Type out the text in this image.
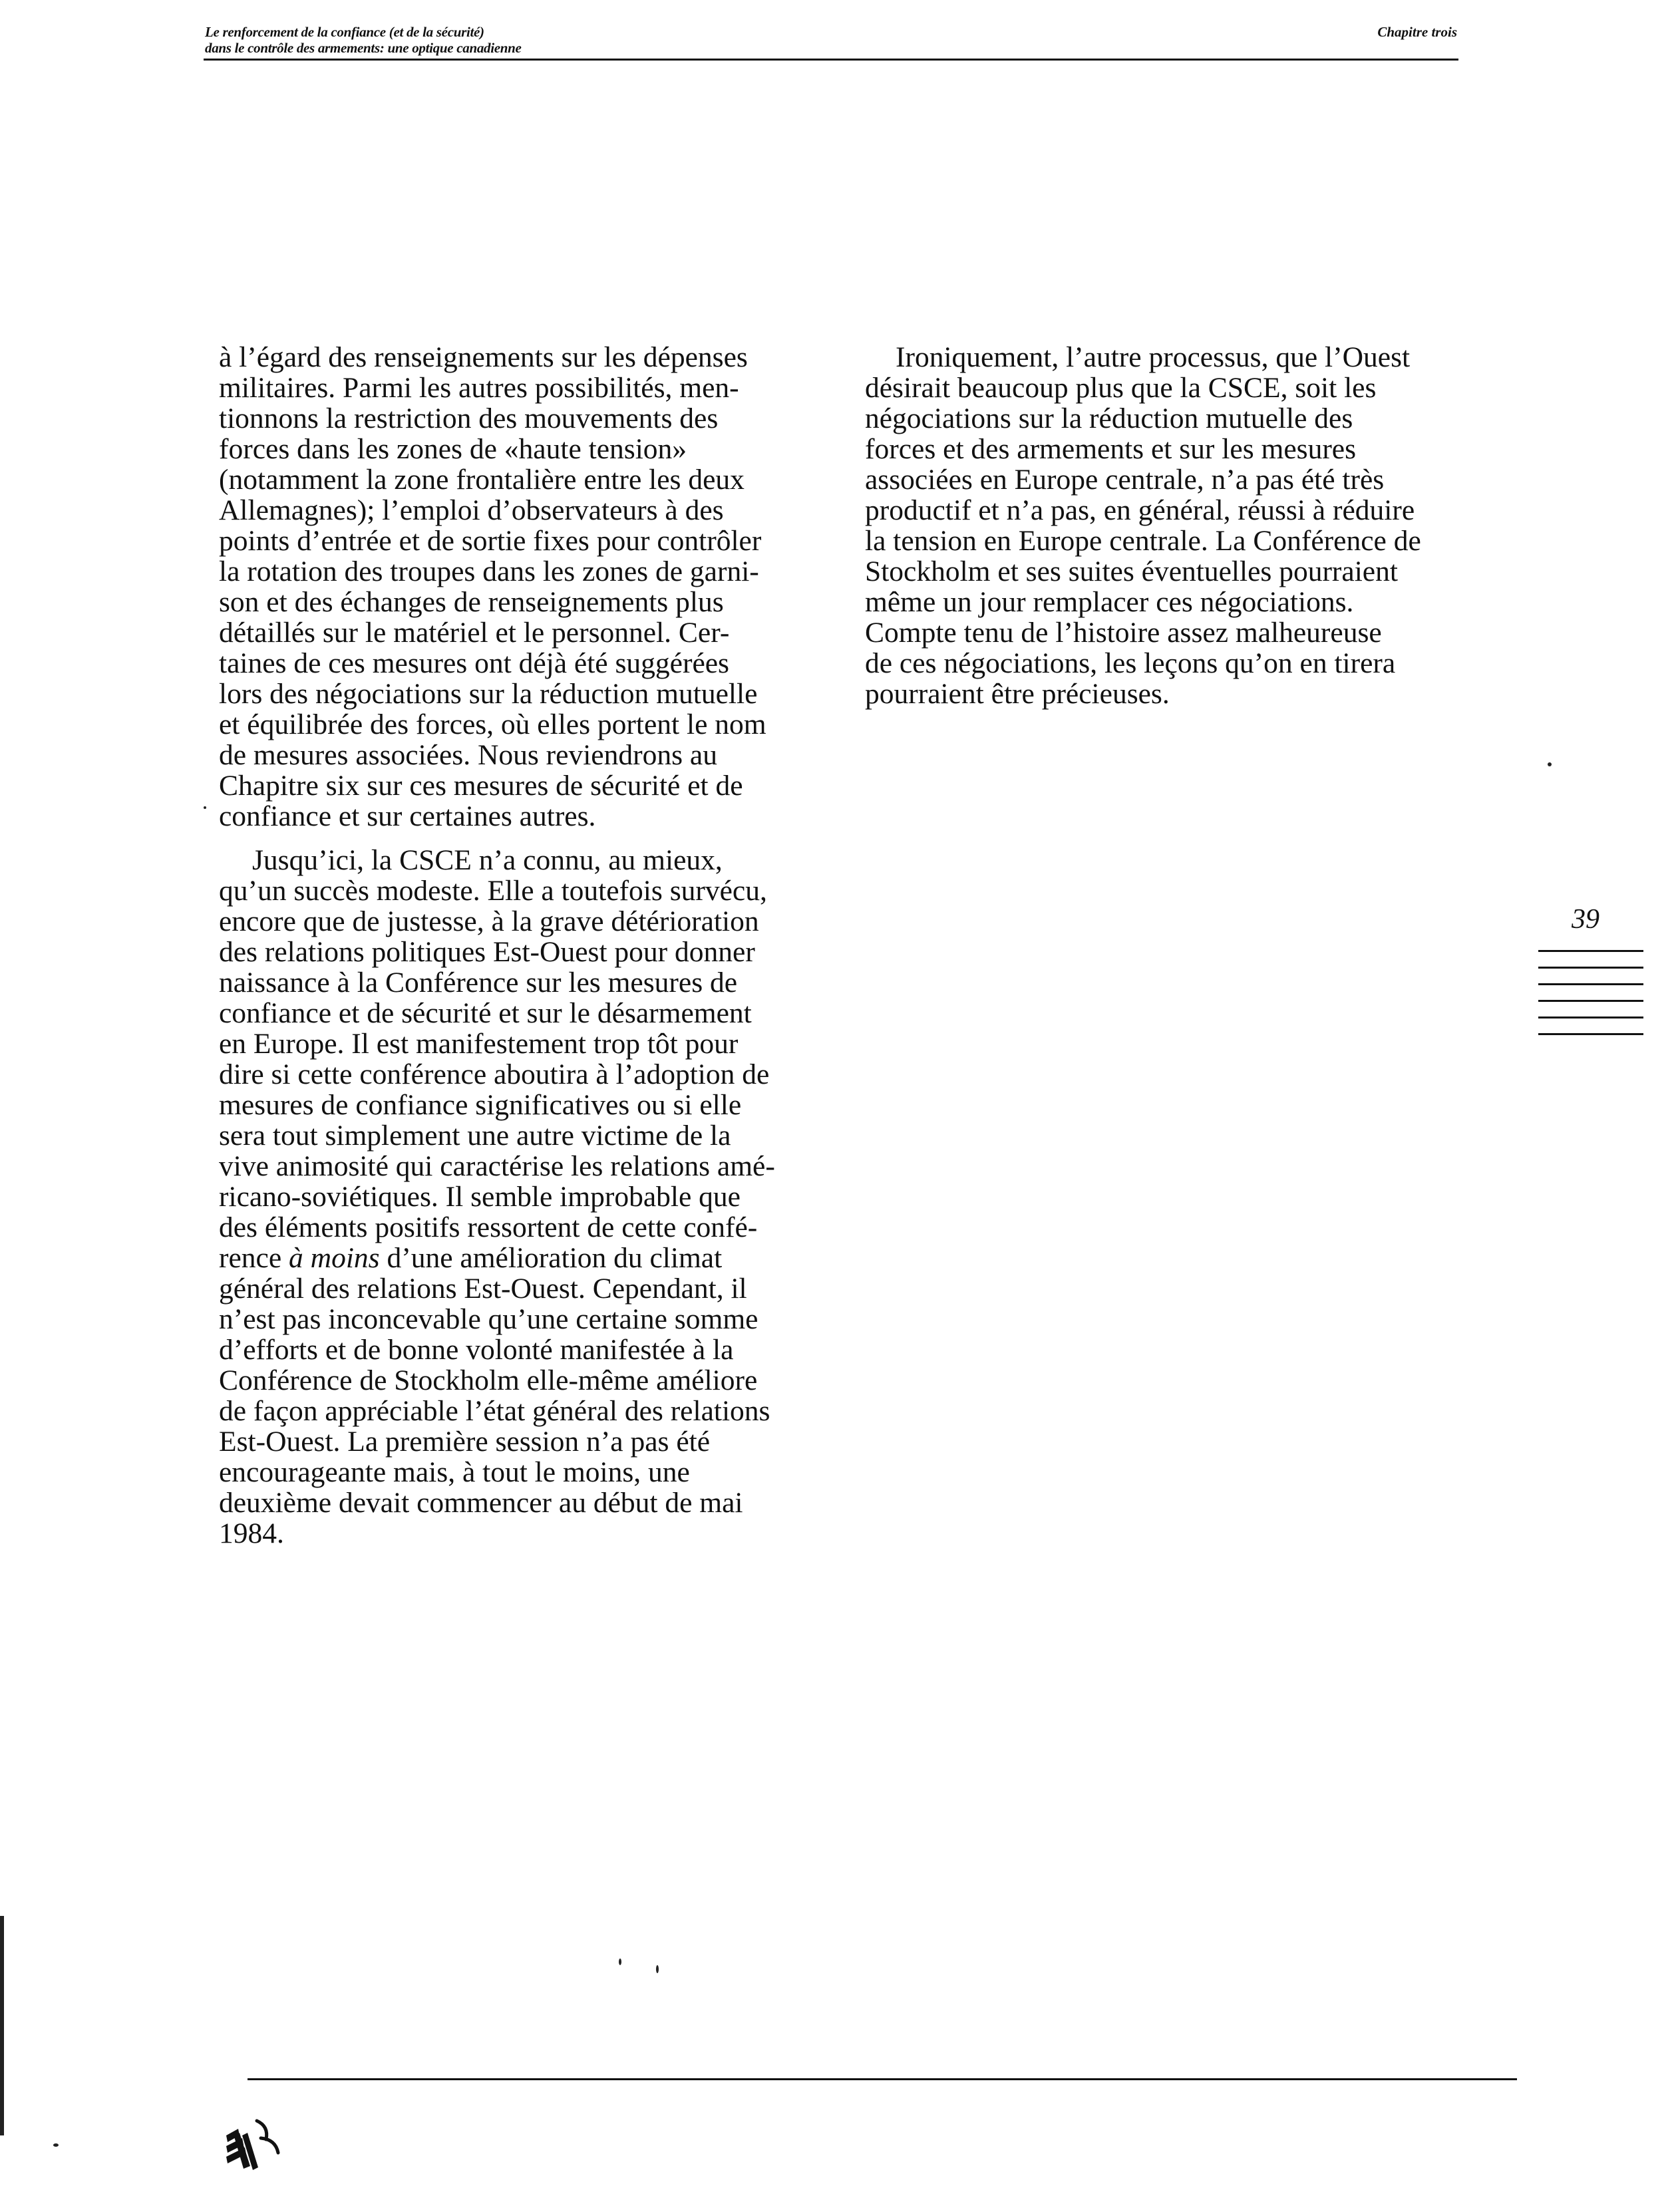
Le renforcement de la confiance (et de la sécurité)
dans le contrôle des armements: une optique canadienne
Chapitre trois

à l’égard des renseignements sur les dépenses
militaires. Parmi les autres possibilités, men-
tionnons la restriction des mouvements des
forces dans les zones de «haute tension»
(notamment la zone frontalière entre les deux
Allemagnes); l’emploi d’observateurs à des
points d’entrée et de sortie fixes pour contrôler
la rotation des troupes dans les zones de garni-
son et des échanges de renseignements plus
détaillés sur le matériel et le personnel. Cer-
taines de ces mesures ont déjà été suggérées
lors des négociations sur la réduction mutuelle
et équilibrée des forces, où elles portent le nom
de mesures associées. Nous reviendrons au
Chapitre six sur ces mesures de sécurité et de
confiance et sur certaines autres.

Jusqu’ici, la CSCE n’a connu, au mieux,
qu’un succès modeste. Elle a toutefois survécu,
encore que de justesse, à la grave détérioration
des relations politiques Est-Ouest pour donner
naissance à la Conférence sur les mesures de
confiance et de sécurité et sur le désarmement
en Europe. Il est manifestement trop tôt pour
dire si cette conférence aboutira à l’adoption de
mesures de confiance significatives ou si elle
sera tout simplement une autre victime de la
vive animosité qui caractérise les relations amé-
ricano-soviétiques. Il semble improbable que
des éléments positifs ressortent de cette confé-
rence à moins d’une amélioration du climat
général des relations Est-Ouest. Cependant, il
n’est pas inconcevable qu’une certaine somme
d’efforts et de bonne volonté manifestée à la
Conférence de Stockholm elle-même améliore
de façon appréciable l’état général des relations
Est-Ouest. La première session n’a pas été
encourageante mais, à tout le moins, une
deuxième devait commencer au début de mai
1984.

Ironiquement, l’autre processus, que l’Ouest
désirait beaucoup plus que la CSCE, soit les
négociations sur la réduction mutuelle des
forces et des armements et sur les mesures
associées en Europe centrale, n’a pas été très
productif et n’a pas, en général, réussi à réduire
la tension en Europe centrale. La Conférence de
Stockholm et ses suites éventuelles pourraient
même un jour remplacer ces négociations.
Compte tenu de l’histoire assez malheureuse
de ces négociations, les leçons qu’on en tirera
pourraient être précieuses.

39
